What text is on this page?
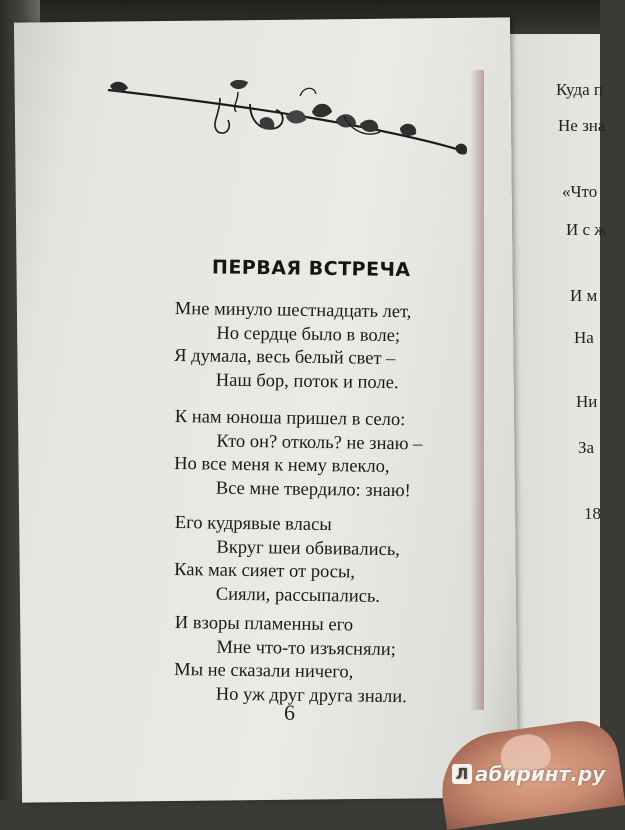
Куда п
Не зна
«Что
И с ж
И м
На
Ни
За
18
ПЕРВАЯ ВСТРЕЧА
Мне минуло шестнадцать лет,
Но сердце было в воле;
Я думала, весь белый свет –
Наш бор, поток и поле.
К нам юноша пришел в село:
Кто он? отколь? не знаю –
Но все меня к нему влекло,
Все мне твердило: знаю!
Его кудрявые власы
Вкруг шеи обвивались,
Как мак сияет от росы,
Сияли, рассыпались.
И взоры пламенны его
Мне что-то изъясняли;
Мы не сказали ничего,
Но уж друг друга знали.
6
Л абиринт.ру
